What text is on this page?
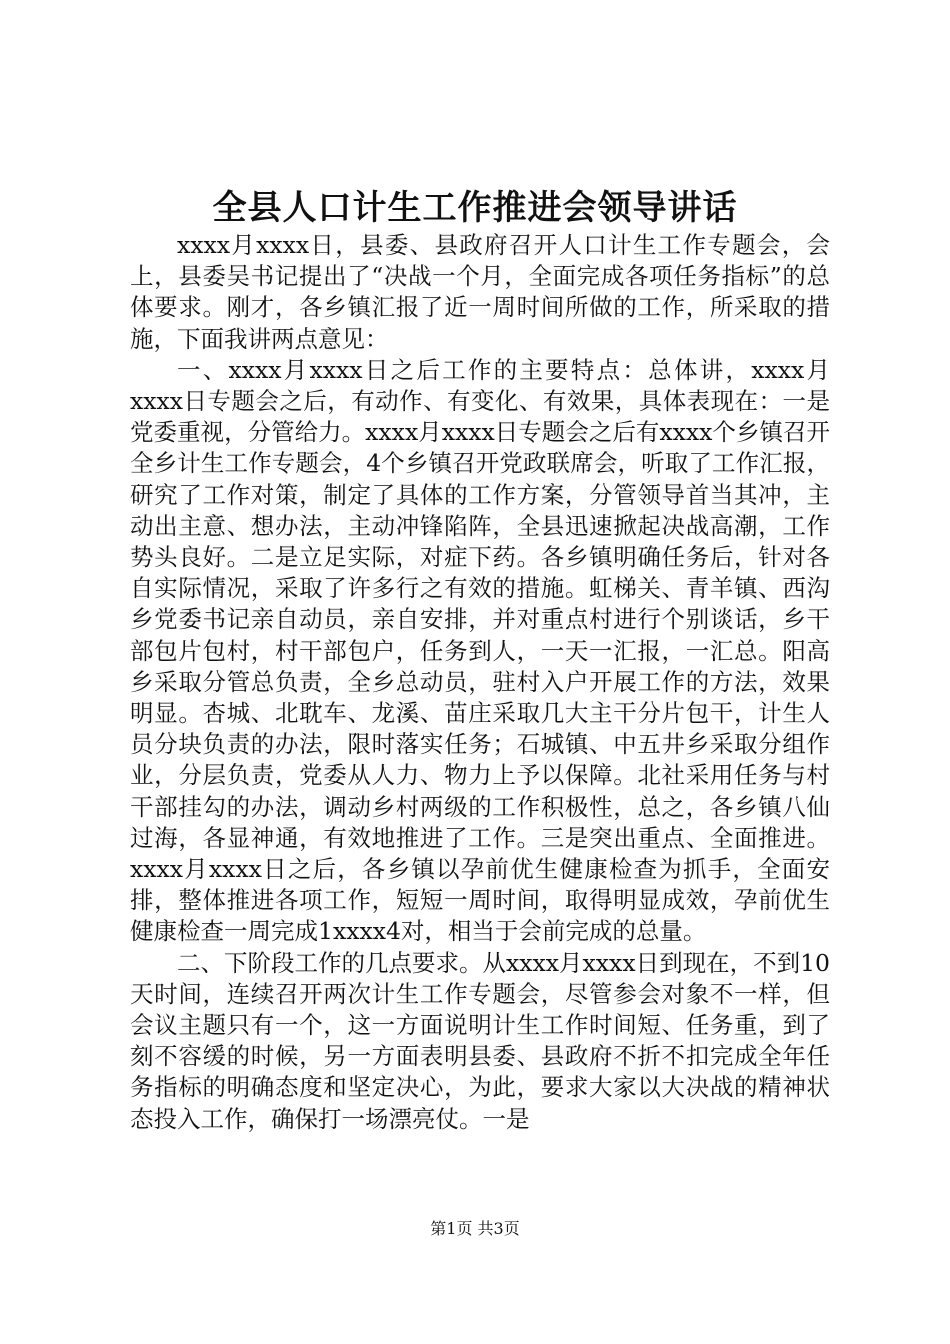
全县人口计生工作推进会领导讲话

xxxx月xxxx日，县委、县政府召开人口计生工作专题会，会上，县委吴书记提出了“决战一个月，全面完成各项任务指标”的总体要求。刚才，各乡镇汇报了近一周时间所做的工作，所采取的措施，下面我讲两点意见：

一、xxxx月xxxx日之后工作的主要特点：总体讲，xxxx月xxxx日专题会之后，有动作、有变化、有效果，具体表现在：一是党委重视，分管给力。xxxx月xxxx日专题会之后有xxxx个乡镇召开全乡计生工作专题会，4个乡镇召开党政联席会，听取了工作汇报，研究了工作对策，制定了具体的工作方案，分管领导首当其冲，主动出主意、想办法，主动冲锋陷阵，全县迅速掀起决战高潮，工作势头良好。二是立足实际，对症下药。各乡镇明确任务后，针对各自实际情况，采取了许多行之有效的措施。虹梯关、青羊镇、西沟乡党委书记亲自动员，亲自安排，并对重点村进行个别谈话，乡干部包片包村，村干部包户，任务到人，一天一汇报，一汇总。阳高乡采取分管总负责，全乡总动员，驻村入户开展工作的方法，效果明显。杏城、北耽车、龙溪、苗庄采取几大主干分片包干，计生人员分块负责的办法，限时落实任务；石城镇、中五井乡采取分组作业，分层负责，党委从人力、物力上予以保障。北社采用任务与村干部挂勾的办法，调动乡村两级的工作积极性，总之，各乡镇八仙过海，各显神通，有效地推进了工作。三是突出重点、全面推进。xxxx月xxxx日之后，各乡镇以孕前优生健康检查为抓手，全面安排，整体推进各项工作，短短一周时间，取得明显成效，孕前优生健康检查一周完成1xxxx4对，相当于会前完成的总量。

二、下阶段工作的几点要求。从xxxx月xxxx日到现在，不到10天时间，连续召开两次计生工作专题会，尽管参会对象不一样，但会议主题只有一个，这一方面说明计生工作时间短、任务重，到了刻不容缓的时候，另一方面表明县委、县政府不折不扣完成全年任务指标的明确态度和坚定决心，为此，要求大家以大决战的精神状态投入工作，确保打一场漂亮仗。一是

第1页 共3页
